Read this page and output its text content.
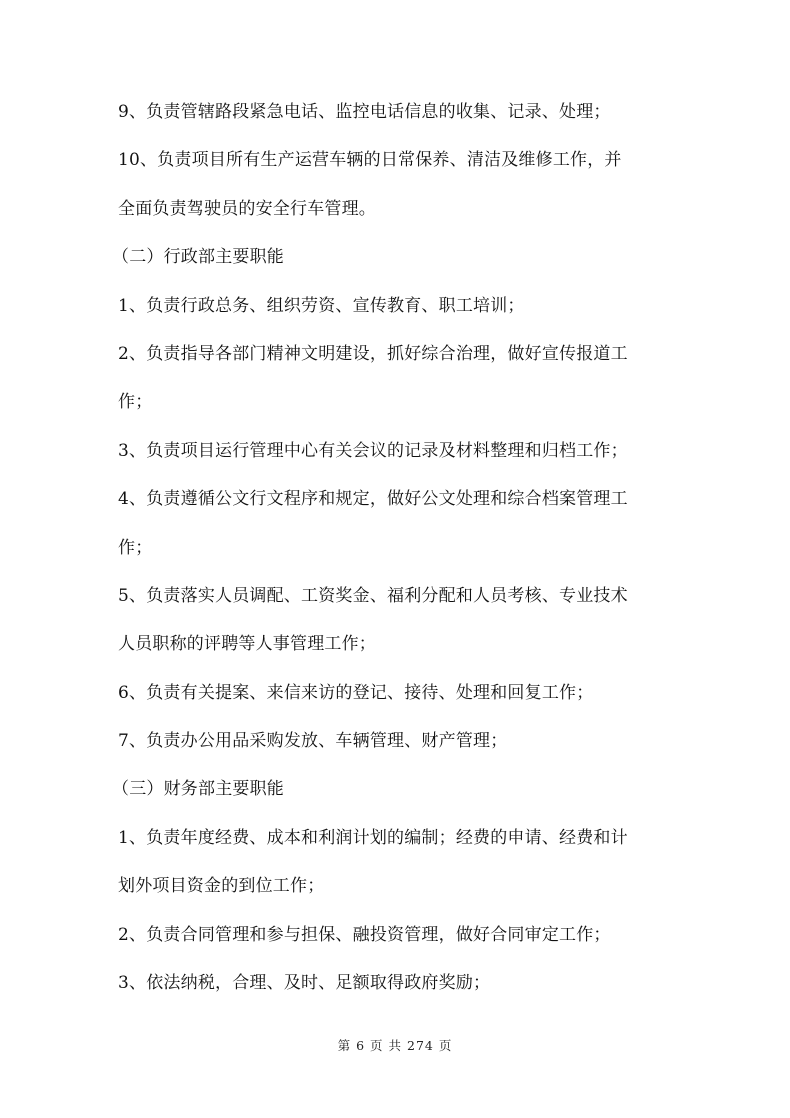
9、负责管辖路段紧急电话、监控电话信息的收集、记录、处理；
10、负责项目所有生产运营车辆的日常保养、清洁及维修工作，并
全面负责驾驶员的安全行车管理。
（二）行政部主要职能
1、负责行政总务、组织劳资、宣传教育、职工培训；
2、负责指导各部门精神文明建设，抓好综合治理，做好宣传报道工
作；
3、负责项目运行管理中心有关会议的记录及材料整理和归档工作；
4、负责遵循公文行文程序和规定，做好公文处理和综合档案管理工
作；
5、负责落实人员调配、工资奖金、福利分配和人员考核、专业技术
人员职称的评聘等人事管理工作；
6、负责有关提案、来信来访的登记、接待、处理和回复工作；
7、负责办公用品采购发放、车辆管理、财产管理；
（三）财务部主要职能
1、负责年度经费、成本和利润计划的编制；经费的申请、经费和计
划外项目资金的到位工作；
2、负责合同管理和参与担保、融投资管理，做好合同审定工作；
3、依法纳税，合理、及时、足额取得政府奖励；
第 6 页 共 274 页
